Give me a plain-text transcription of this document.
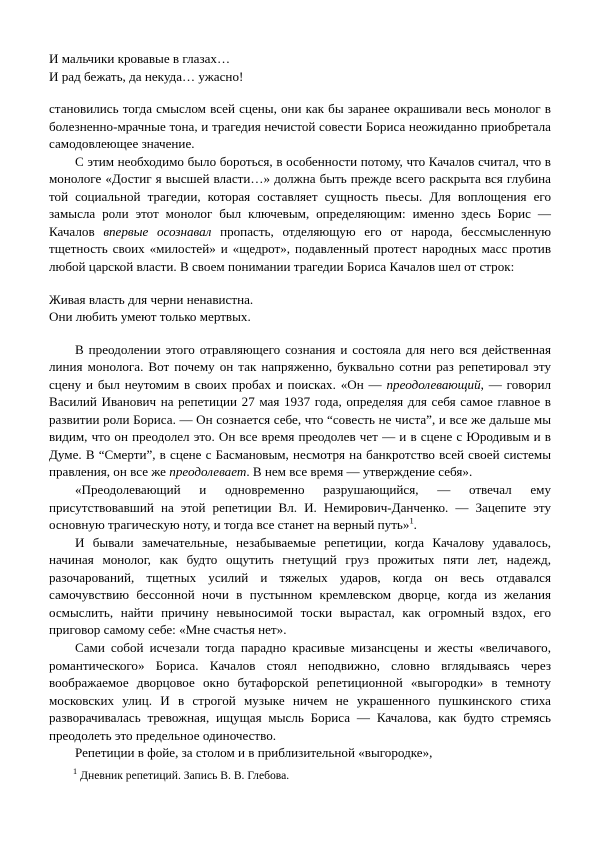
И мальчики кровавые в глазах…
И рад бежать, да некуда… ужасно!

становились тогда смыслом всей сцены, они как бы заранее окрашивали весь монолог в болезненно-мрачные тона, и трагедия нечистой совести Бориса неожиданно приобретала самодовлеющее значение.

С этим необходимо было бороться, в особенности потому, что Качалов считал, что в монологе «Достиг я высшей власти…» должна быть прежде всего раскрыта вся глубина той социальной трагедии, которая составляет сущность пьесы. Для воплощения его замысла роли этот монолог был ключевым, определяющим: именно здесь Борис — Качалов впервые осознавал пропасть, отделяющую его от народа, бессмысленную тщетность своих «милостей» и «щедрот», подавленный протест народных масс против любой царской власти. В своем понимании трагедии Бориса Качалов шел от строк:

Живая власть для черни ненавистна.
Они любить умеют только мертвых.

В преодолении этого отравляющего сознания и состояла для него вся действенная линия монолога. Вот почему он так напряженно, буквально сотни раз репетировал эту сцену и был неутомим в своих пробах и поисках. «Он — преодолевающий, — говорил Василий Иванович на репетиции 27 мая 1937 года, определяя для себя самое главное в развитии роли Бориса. — Он сознается себе, что “совесть не чиста”, и все же дальше мы видим, что он преодолел это. Он все время преодолев чет — и в сцене с Юродивым и в Думе. В “Смерти”, в сцене с Басмановым, несмотря на банкротство всей своей системы правления, он все же преодолевает. В нем все время — утверждение себя».

«Преодолевающий и одновременно разрушающийся, — отвечал ему присутствовавший на этой репетиции Вл. И. Немирович-Данченко. — Зацепите эту основную трагическую ноту, и тогда все станет на верный путь»$^1$.

И бывали замечательные, незабываемые репетиции, когда Качалову удавалось, начиная монолог, как будто ощутить гнетущий груз прожитых пяти лет, надежд, разочарований, тщетных усилий и тяжелых ударов, когда он весь отдавался самочувствию бессонной ночи в пустынном кремлевском дворце, когда из желания осмыслить, найти причину невыносимой тоски вырастал, как огромный вздох, его приговор самому себе: «Мне счастья нет».

Сами собой исчезали тогда парадно красивые мизансцены и жесты «величавого, романтического» Бориса. Качалов стоял неподвижно, словно вглядываясь через воображаемое дворцовое окно бутафорской репетиционной «выгородки» в темноту московских улиц. И в строгой музыке ничем не украшенного пушкинского стиха разворачивалась тревожная, ищущая мысль Бориса — Качалова, как будто стремясь преодолеть это предельное одиночество.

Репетиции в фойе, за столом и в приблизительной «выгородке»,

$^1$ Дневник репетиций. Запись В. В. Глебова.
